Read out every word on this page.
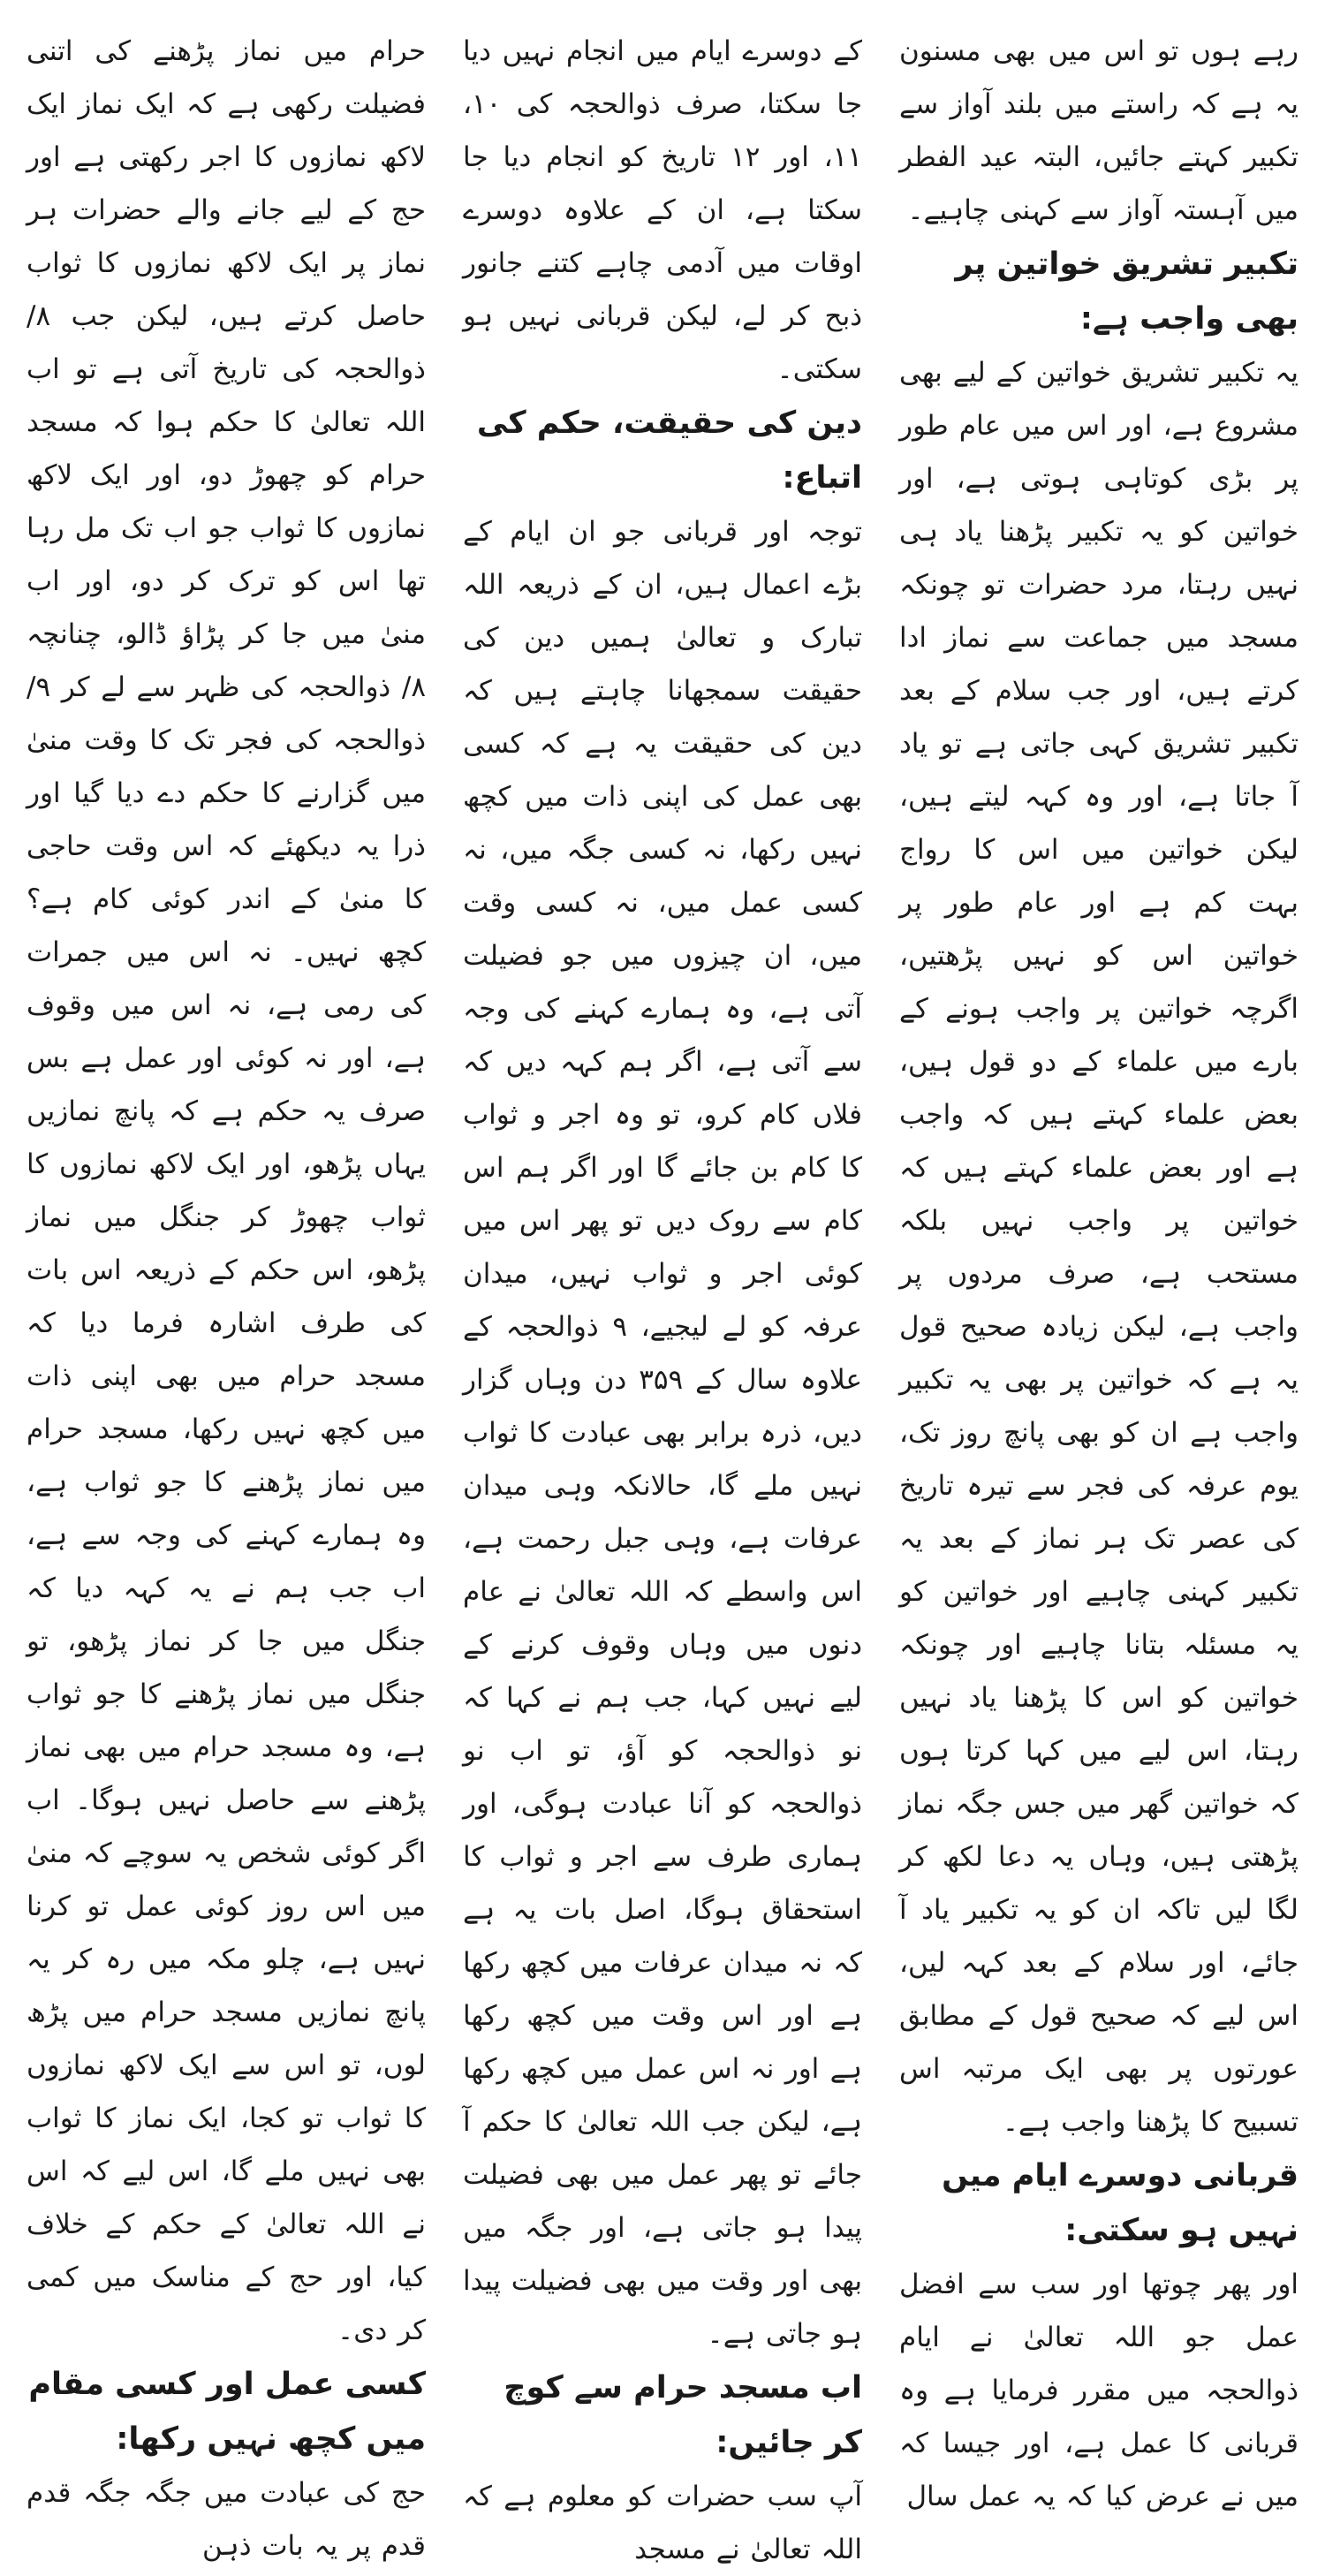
رہے ہوں تو اس میں بھی مسنون یہ ہے کہ راستے میں بلند آواز سے تکبیر کہتے جائیں، البتہ عید الفطر میں آہستہ آواز سے کہنی چاہیے۔

تکبیر تشریق خواتین پر بھی واجب ہے:

یہ تکبیر تشریق خواتین کے لیے بھی مشروع ہے، اور اس میں عام طور پر بڑی کوتاہی ہوتی ہے، اور خواتین کو یہ تکبیر پڑھنا یاد ہی نہیں رہتا، مرد حضرات تو چونکہ مسجد میں جماعت سے نماز ادا کرتے ہیں، اور جب سلام کے بعد تکبیر تشریق کہی جاتی ہے تو یاد آ جاتا ہے، اور وہ کہہ لیتے ہیں، لیکن خواتین میں اس کا رواج بہت کم ہے اور عام طور پر خواتین اس کو نہیں پڑھتیں، اگرچہ خواتین پر واجب ہونے کے بارے میں علماء کے دو قول ہیں، بعض علماء کہتے ہیں کہ واجب ہے اور بعض علماء کہتے ہیں کہ خواتین پر واجب نہیں بلکہ مستحب ہے، صرف مردوں پر واجب ہے، لیکن زیادہ صحیح قول یہ ہے کہ خواتین پر بھی یہ تکبیر واجب ہے ان کو بھی پانچ روز تک، یوم عرفہ کی فجر سے تیرہ تاریخ کی عصر تک ہر نماز کے بعد یہ تکبیر کہنی چاہیے اور خواتین کو یہ مسئلہ بتانا چاہیے اور چونکہ خواتین کو اس کا پڑھنا یاد نہیں رہتا، اس لیے میں کہا کرتا ہوں کہ خواتین گھر میں جس جگہ نماز پڑھتی ہیں، وہاں یہ دعا لکھ کر لگا لیں تاکہ ان کو یہ تکبیر یاد آ جائے، اور سلام کے بعد کہہ لیں، اس لیے کہ صحیح قول کے مطابق عورتوں پر بھی ایک مرتبہ اس تسبیح کا پڑھنا واجب ہے۔

قربانی دوسرے ایام میں نہیں ہو سکتی:

اور پھر چوتھا اور سب سے افضل عمل جو اللہ تعالیٰ نے ایام ذوالحجہ میں مقرر فرمایا ہے وہ قربانی کا عمل ہے، اور جیسا کہ میں نے عرض کیا کہ یہ عمل سال

کے دوسرے ایام میں انجام نہیں دیا جا سکتا، صرف ذوالحجہ کی ۱۰، ۱۱، اور ۱۲ تاریخ کو انجام دیا جا سکتا ہے، ان کے علاوہ دوسرے اوقات میں آدمی چاہے کتنے جانور ذبح کر لے، لیکن قربانی نہیں ہو سکتی۔

دین کی حقیقت، حکم کی اتباع:

توجہ اور قربانی جو ان ایام کے بڑے اعمال ہیں، ان کے ذریعہ اللہ تبارک و تعالیٰ ہمیں دین کی حقیقت سمجھانا چاہتے ہیں کہ دین کی حقیقت یہ ہے کہ کسی بھی عمل کی اپنی ذات میں کچھ نہیں رکھا، نہ کسی جگہ میں، نہ کسی عمل میں، نہ کسی وقت میں، ان چیزوں میں جو فضیلت آتی ہے، وہ ہمارے کہنے کی وجہ سے آتی ہے، اگر ہم کہہ دیں کہ فلاں کام کرو، تو وہ اجر و ثواب کا کام بن جائے گا اور اگر ہم اس کام سے روک دیں تو پھر اس میں کوئی اجر و ثواب نہیں، میدان عرفہ کو لے لیجیے، ۹ ذوالحجہ کے علاوہ سال کے ۳۵۹ دن وہاں گزار دیں، ذرہ برابر بھی عبادت کا ثواب نہیں ملے گا، حالانکہ وہی میدان عرفات ہے، وہی جبل رحمت ہے، اس واسطے کہ اللہ تعالیٰ نے عام دنوں میں وہاں وقوف کرنے کے لیے نہیں کہا، جب ہم نے کہا کہ نو ذوالحجہ کو آؤ، تو اب نو ذوالحجہ کو آنا عبادت ہوگی، اور ہماری طرف سے اجر و ثواب کا استحقاق ہوگا، اصل بات یہ ہے کہ نہ میدان عرفات میں کچھ رکھا ہے اور اس وقت میں کچھ رکھا ہے اور نہ اس عمل میں کچھ رکھا ہے، لیکن جب اللہ تعالیٰ کا حکم آ جائے تو پھر عمل میں بھی فضیلت پیدا ہو جاتی ہے، اور جگہ میں بھی اور وقت میں بھی فضیلت پیدا ہو جاتی ہے۔

اب مسجد حرام سے کوچ کر جائیں:

آپ سب حضرات کو معلوم ہے کہ اللہ تعالیٰ نے مسجد

حرام میں نماز پڑھنے کی اتنی فضیلت رکھی ہے کہ ایک نماز ایک لاکھ نمازوں کا اجر رکھتی ہے اور حج کے لیے جانے والے حضرات ہر نماز پر ایک لاکھ نمازوں کا ثواب حاصل کرتے ہیں، لیکن جب ۸/ ذوالحجہ کی تاریخ آتی ہے تو اب اللہ تعالیٰ کا حکم ہوا کہ مسجد حرام کو چھوڑ دو، اور ایک لاکھ نمازوں کا ثواب جو اب تک مل رہا تھا اس کو ترک کر دو، اور اب منیٰ میں جا کر پڑاؤ ڈالو، چنانچہ ۸/ ذوالحجہ کی ظہر سے لے کر ۹/ ذوالحجہ کی فجر تک کا وقت منیٰ میں گزارنے کا حکم دے دیا گیا اور ذرا یہ دیکھئے کہ اس وقت حاجی کا منیٰ کے اندر کوئی کام ہے؟ کچھ نہیں۔ نہ اس میں جمرات کی رمی ہے، نہ اس میں وقوف ہے، اور نہ کوئی اور عمل ہے بس صرف یہ حکم ہے کہ پانچ نمازیں یہاں پڑھو، اور ایک لاکھ نمازوں کا ثواب چھوڑ کر جنگل میں نماز پڑھو، اس حکم کے ذریعہ اس بات کی طرف اشارہ فرما دیا کہ مسجد حرام میں بھی اپنی ذات میں کچھ نہیں رکھا، مسجد حرام میں نماز پڑھنے کا جو ثواب ہے، وہ ہمارے کہنے کی وجہ سے ہے، اب جب ہم نے یہ کہہ دیا کہ جنگل میں جا کر نماز پڑھو، تو جنگل میں نماز پڑھنے کا جو ثواب ہے، وہ مسجد حرام میں بھی نماز پڑھنے سے حاصل نہیں ہوگا۔ اب اگر کوئی شخص یہ سوچے کہ منیٰ میں اس روز کوئی عمل تو کرنا نہیں ہے، چلو مکہ میں رہ کر یہ پانچ نمازیں مسجد حرام میں پڑھ لوں، تو اس سے ایک لاکھ نمازوں کا ثواب تو کجا، ایک نماز کا ثواب بھی نہیں ملے گا، اس لیے کہ اس نے اللہ تعالیٰ کے حکم کے خلاف کیا، اور حج کے مناسک میں کمی کر دی۔

کسی عمل اور کسی مقام میں کچھ نہیں رکھا:

حج کی عبادت میں جگہ جگہ قدم قدم پر یہ بات ذہن
